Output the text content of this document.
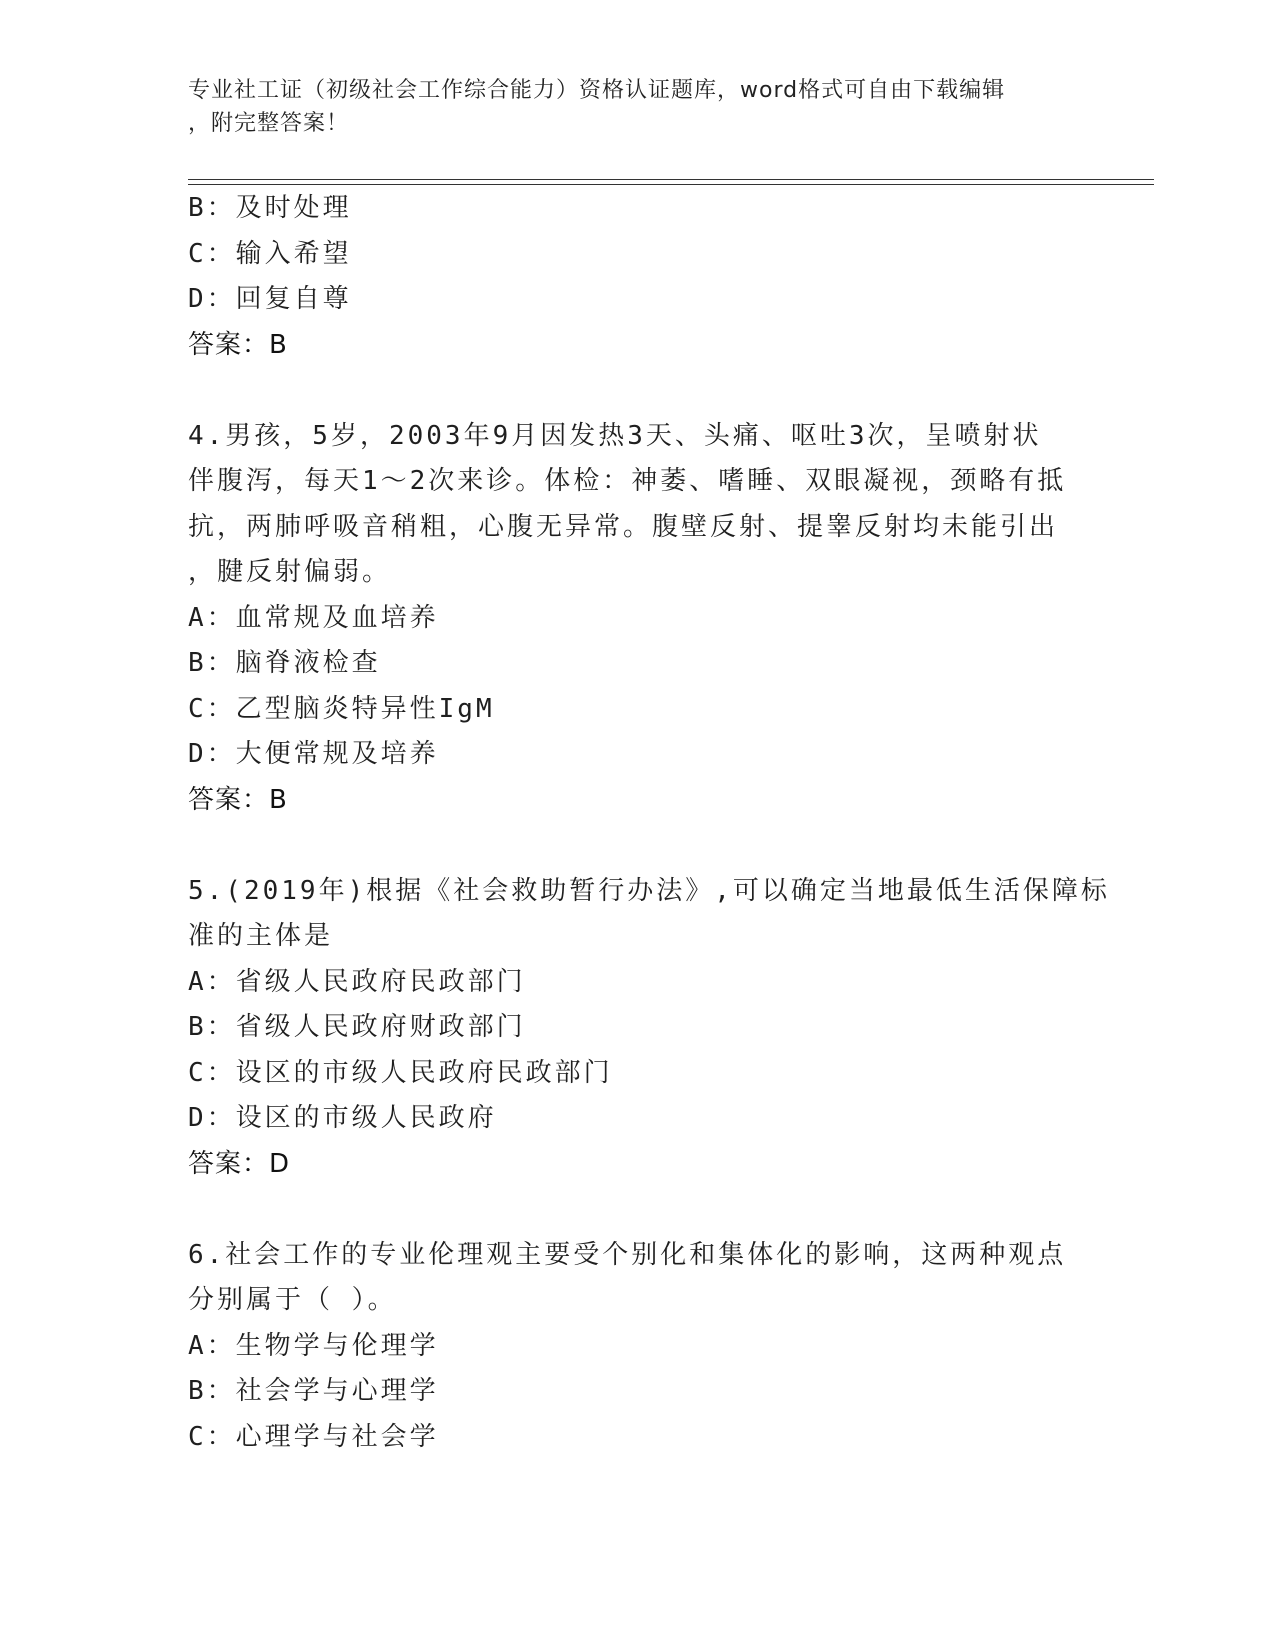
专业社工证（初级社会工作综合能力）资格认证题库，word格式可自由下载编辑
，附完整答案！
B：及时处理
C：输入希望
D：回复自尊
答案：B
4.男孩，5岁，2003年9月因发热3天、头痛、呕吐3次，呈喷射状
伴腹泻，每天1～2次来诊。体检：神萎、嗜睡、双眼凝视，颈略有抵
抗，两肺呼吸音稍粗，心腹无异常。腹壁反射、提睾反射均未能引出
，腱反射偏弱。
A：血常规及血培养
B：脑脊液检查
C：乙型脑炎特异性IgM
D：大便常规及培养
答案：B
5.(2019年)根据《社会救助暂行办法》,可以确定当地最低生活保障标
准的主体是
A：省级人民政府民政部门
B：省级人民政府财政部门
C：设区的市级人民政府民政部门
D：设区的市级人民政府
答案：D
6.社会工作的专业伦理观主要受个别化和集体化的影响，这两种观点
分别属于（ ）。
A：生物学与伦理学
B：社会学与心理学
C：心理学与社会学
